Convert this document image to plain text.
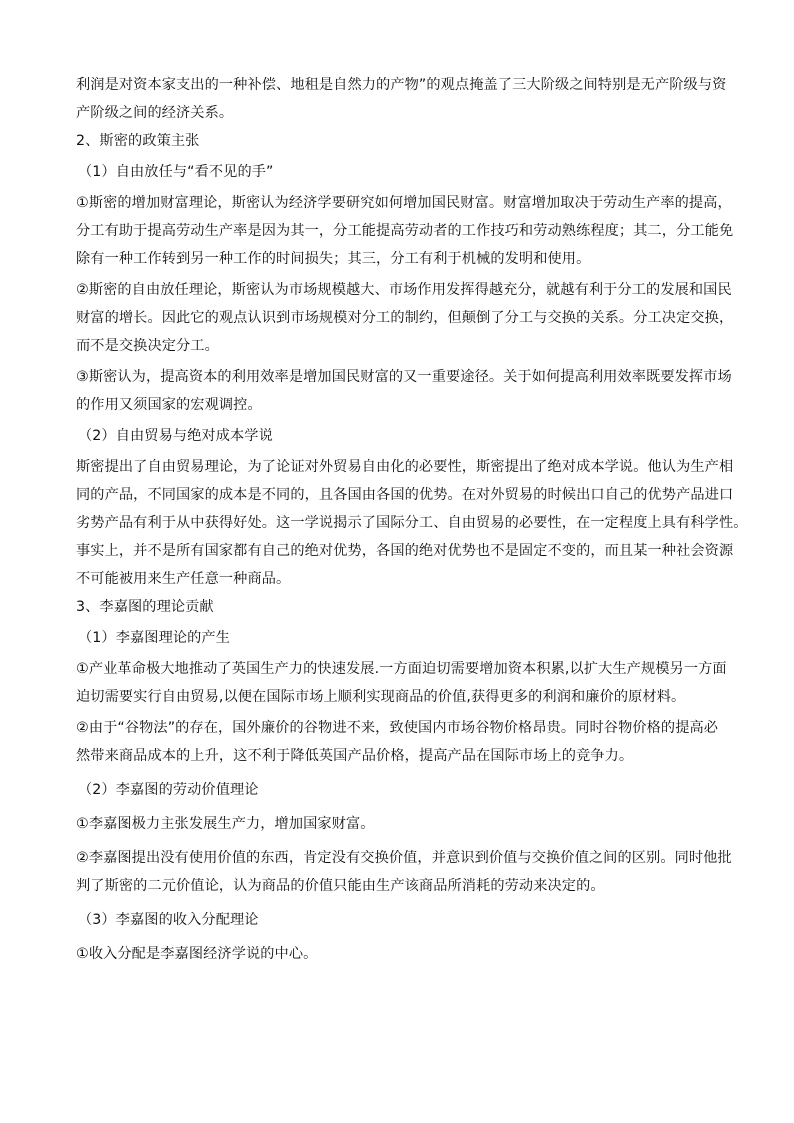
利润是对资本家支出的一种补偿、地租是自然力的产物”的观点掩盖了三大阶级之间特别是无产阶级与资

产阶级之间的经济关系。

2、斯密的政策主张

（1）自由放任与“看不见的手”

①斯密的增加财富理论，斯密认为经济学要研究如何增加国民财富。财富增加取决于劳动生产率的提高，

分工有助于提高劳动生产率是因为其一，分工能提高劳动者的工作技巧和劳动熟练程度；其二，分工能免

除有一种工作转到另一种工作的时间损失；其三，分工有利于机械的发明和使用。

②斯密的自由放任理论，斯密认为市场规模越大、市场作用发挥得越充分，就越有利于分工的发展和国民

财富的增长。因此它的观点认识到市场规模对分工的制约，但颠倒了分工与交换的关系。分工决定交换，

而不是交换决定分工。

③斯密认为，提高资本的利用效率是增加国民财富的又一重要途径。关于如何提高利用效率既要发挥市场

的作用又须国家的宏观调控。

（2）自由贸易与绝对成本学说

斯密提出了自由贸易理论，为了论证对外贸易自由化的必要性，斯密提出了绝对成本学说。他认为生产相

同的产品，不同国家的成本是不同的，且各国由各国的优势。在对外贸易的时候出口自己的优势产品进口

劣势产品有利于从中获得好处。这一学说揭示了国际分工、自由贸易的必要性，在一定程度上具有科学性。

事实上，并不是所有国家都有自己的绝对优势，各国的绝对优势也不是固定不变的，而且某一种社会资源

不可能被用来生产任意一种商品。

3、李嘉图的理论贡献

（1）李嘉图理论的产生

①产业革命极大地推动了英国生产力的快速发展.一方面迫切需要增加资本积累,以扩大生产规模另一方面

迫切需要实行自由贸易,以便在国际市场上顺利实现商品的价值,获得更多的利润和廉价的原材料。

②由于“谷物法”的存在，国外廉价的谷物进不来，致使国内市场谷物价格昂贵。同时谷物价格的提高必

然带来商品成本的上升，这不利于降低英国产品价格，提高产品在国际市场上的竞争力。

（2）李嘉图的劳动价值理论

①李嘉图极力主张发展生产力，增加国家财富。

②李嘉图提出没有使用价值的东西，肯定没有交换价值，并意识到价值与交换价值之间的区别。同时他批

判了斯密的二元价值论，认为商品的价值只能由生产该商品所消耗的劳动来决定的。

（3）李嘉图的收入分配理论

①收入分配是李嘉图经济学说的中心。
